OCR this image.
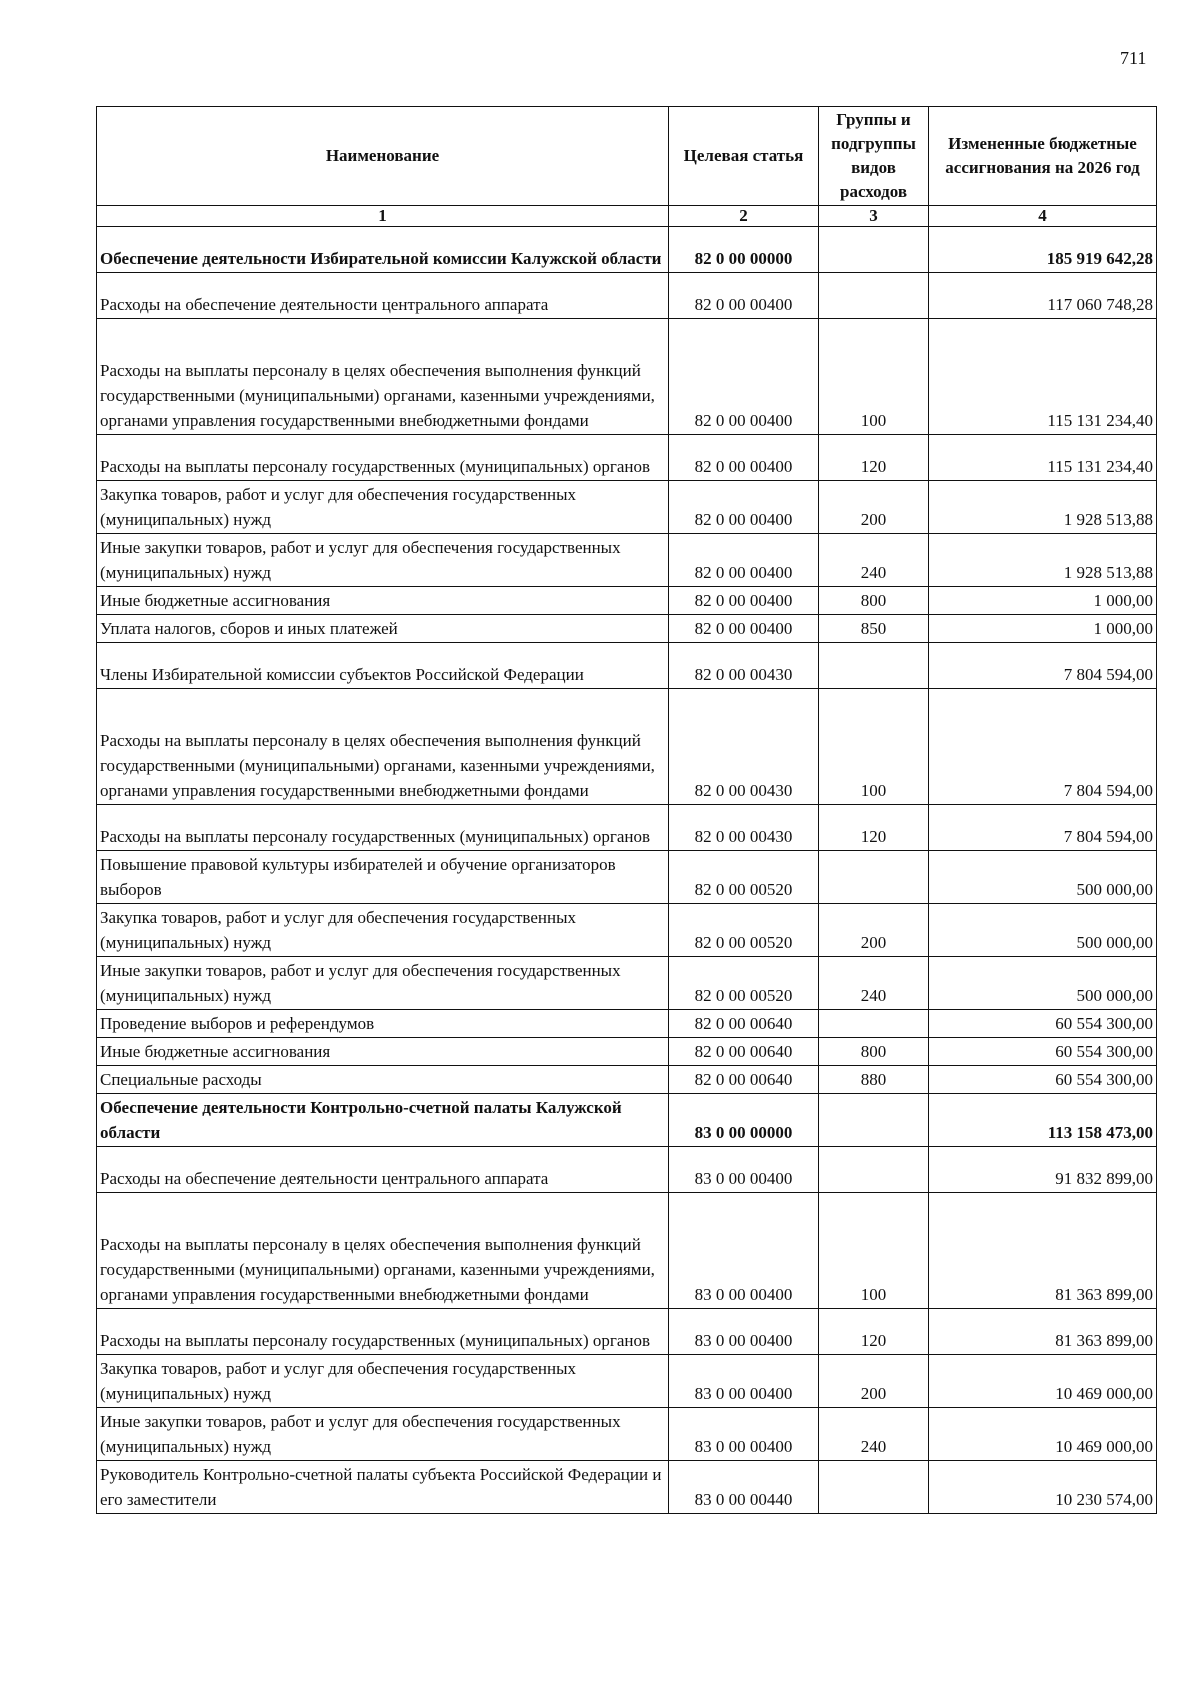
711
Наименование	Целевая статья	Группы и подгруппы видов расходов	Измененные бюджетные ассигнования на 2026 год
1	2	3	4
Обеспечение деятельности Избирательной комиссии Калужской области	82 0 00 00000		185 919 642,28
Расходы на обеспечение деятельности центрального аппарата	82 0 00 00400		117 060 748,28
Расходы на выплаты персоналу в целях обеспечения выполнения функций государственными (муниципальными) органами, казенными учреждениями, органами управления государственными внебюджетными фондами	82 0 00 00400	100	115 131 234,40
Расходы на выплаты персоналу государственных (муниципальных) органов	82 0 00 00400	120	115 131 234,40
Закупка товаров, работ и услуг для обеспечения государственных (муниципальных) нужд	82 0 00 00400	200	1 928 513,88
Иные закупки товаров, работ и услуг для обеспечения государственных (муниципальных) нужд	82 0 00 00400	240	1 928 513,88
Иные бюджетные ассигнования	82 0 00 00400	800	1 000,00
Уплата налогов, сборов и иных платежей	82 0 00 00400	850	1 000,00
Члены Избирательной комиссии субъектов Российской Федерации	82 0 00 00430		7 804 594,00
Расходы на выплаты персоналу в целях обеспечения выполнения функций государственными (муниципальными) органами, казенными учреждениями, органами управления государственными внебюджетными фондами	82 0 00 00430	100	7 804 594,00
Расходы на выплаты персоналу государственных (муниципальных) органов	82 0 00 00430	120	7 804 594,00
Повышение правовой культуры избирателей и обучение организаторов выборов	82 0 00 00520		500 000,00
Закупка товаров, работ и услуг для обеспечения государственных (муниципальных) нужд	82 0 00 00520	200	500 000,00
Иные закупки товаров, работ и услуг для обеспечения государственных (муниципальных) нужд	82 0 00 00520	240	500 000,00
Проведение выборов и референдумов	82 0 00 00640		60 554 300,00
Иные бюджетные ассигнования	82 0 00 00640	800	60 554 300,00
Специальные расходы	82 0 00 00640	880	60 554 300,00
Обеспечение деятельности Контрольно-счетной палаты Калужской области	83 0 00 00000		113 158 473,00
Расходы на обеспечение деятельности центрального аппарата	83 0 00 00400		91 832 899,00
Расходы на выплаты персоналу в целях обеспечения выполнения функций государственными (муниципальными) органами, казенными учреждениями, органами управления государственными внебюджетными фондами	83 0 00 00400	100	81 363 899,00
Расходы на выплаты персоналу государственных (муниципальных) органов	83 0 00 00400	120	81 363 899,00
Закупка товаров, работ и услуг для обеспечения государственных (муниципальных) нужд	83 0 00 00400	200	10 469 000,00
Иные закупки товаров, работ и услуг для обеспечения государственных (муниципальных) нужд	83 0 00 00400	240	10 469 000,00
Руководитель Контрольно-счетной палаты субъекта Российской Федерации и его заместители	83 0 00 00440		10 230 574,00
